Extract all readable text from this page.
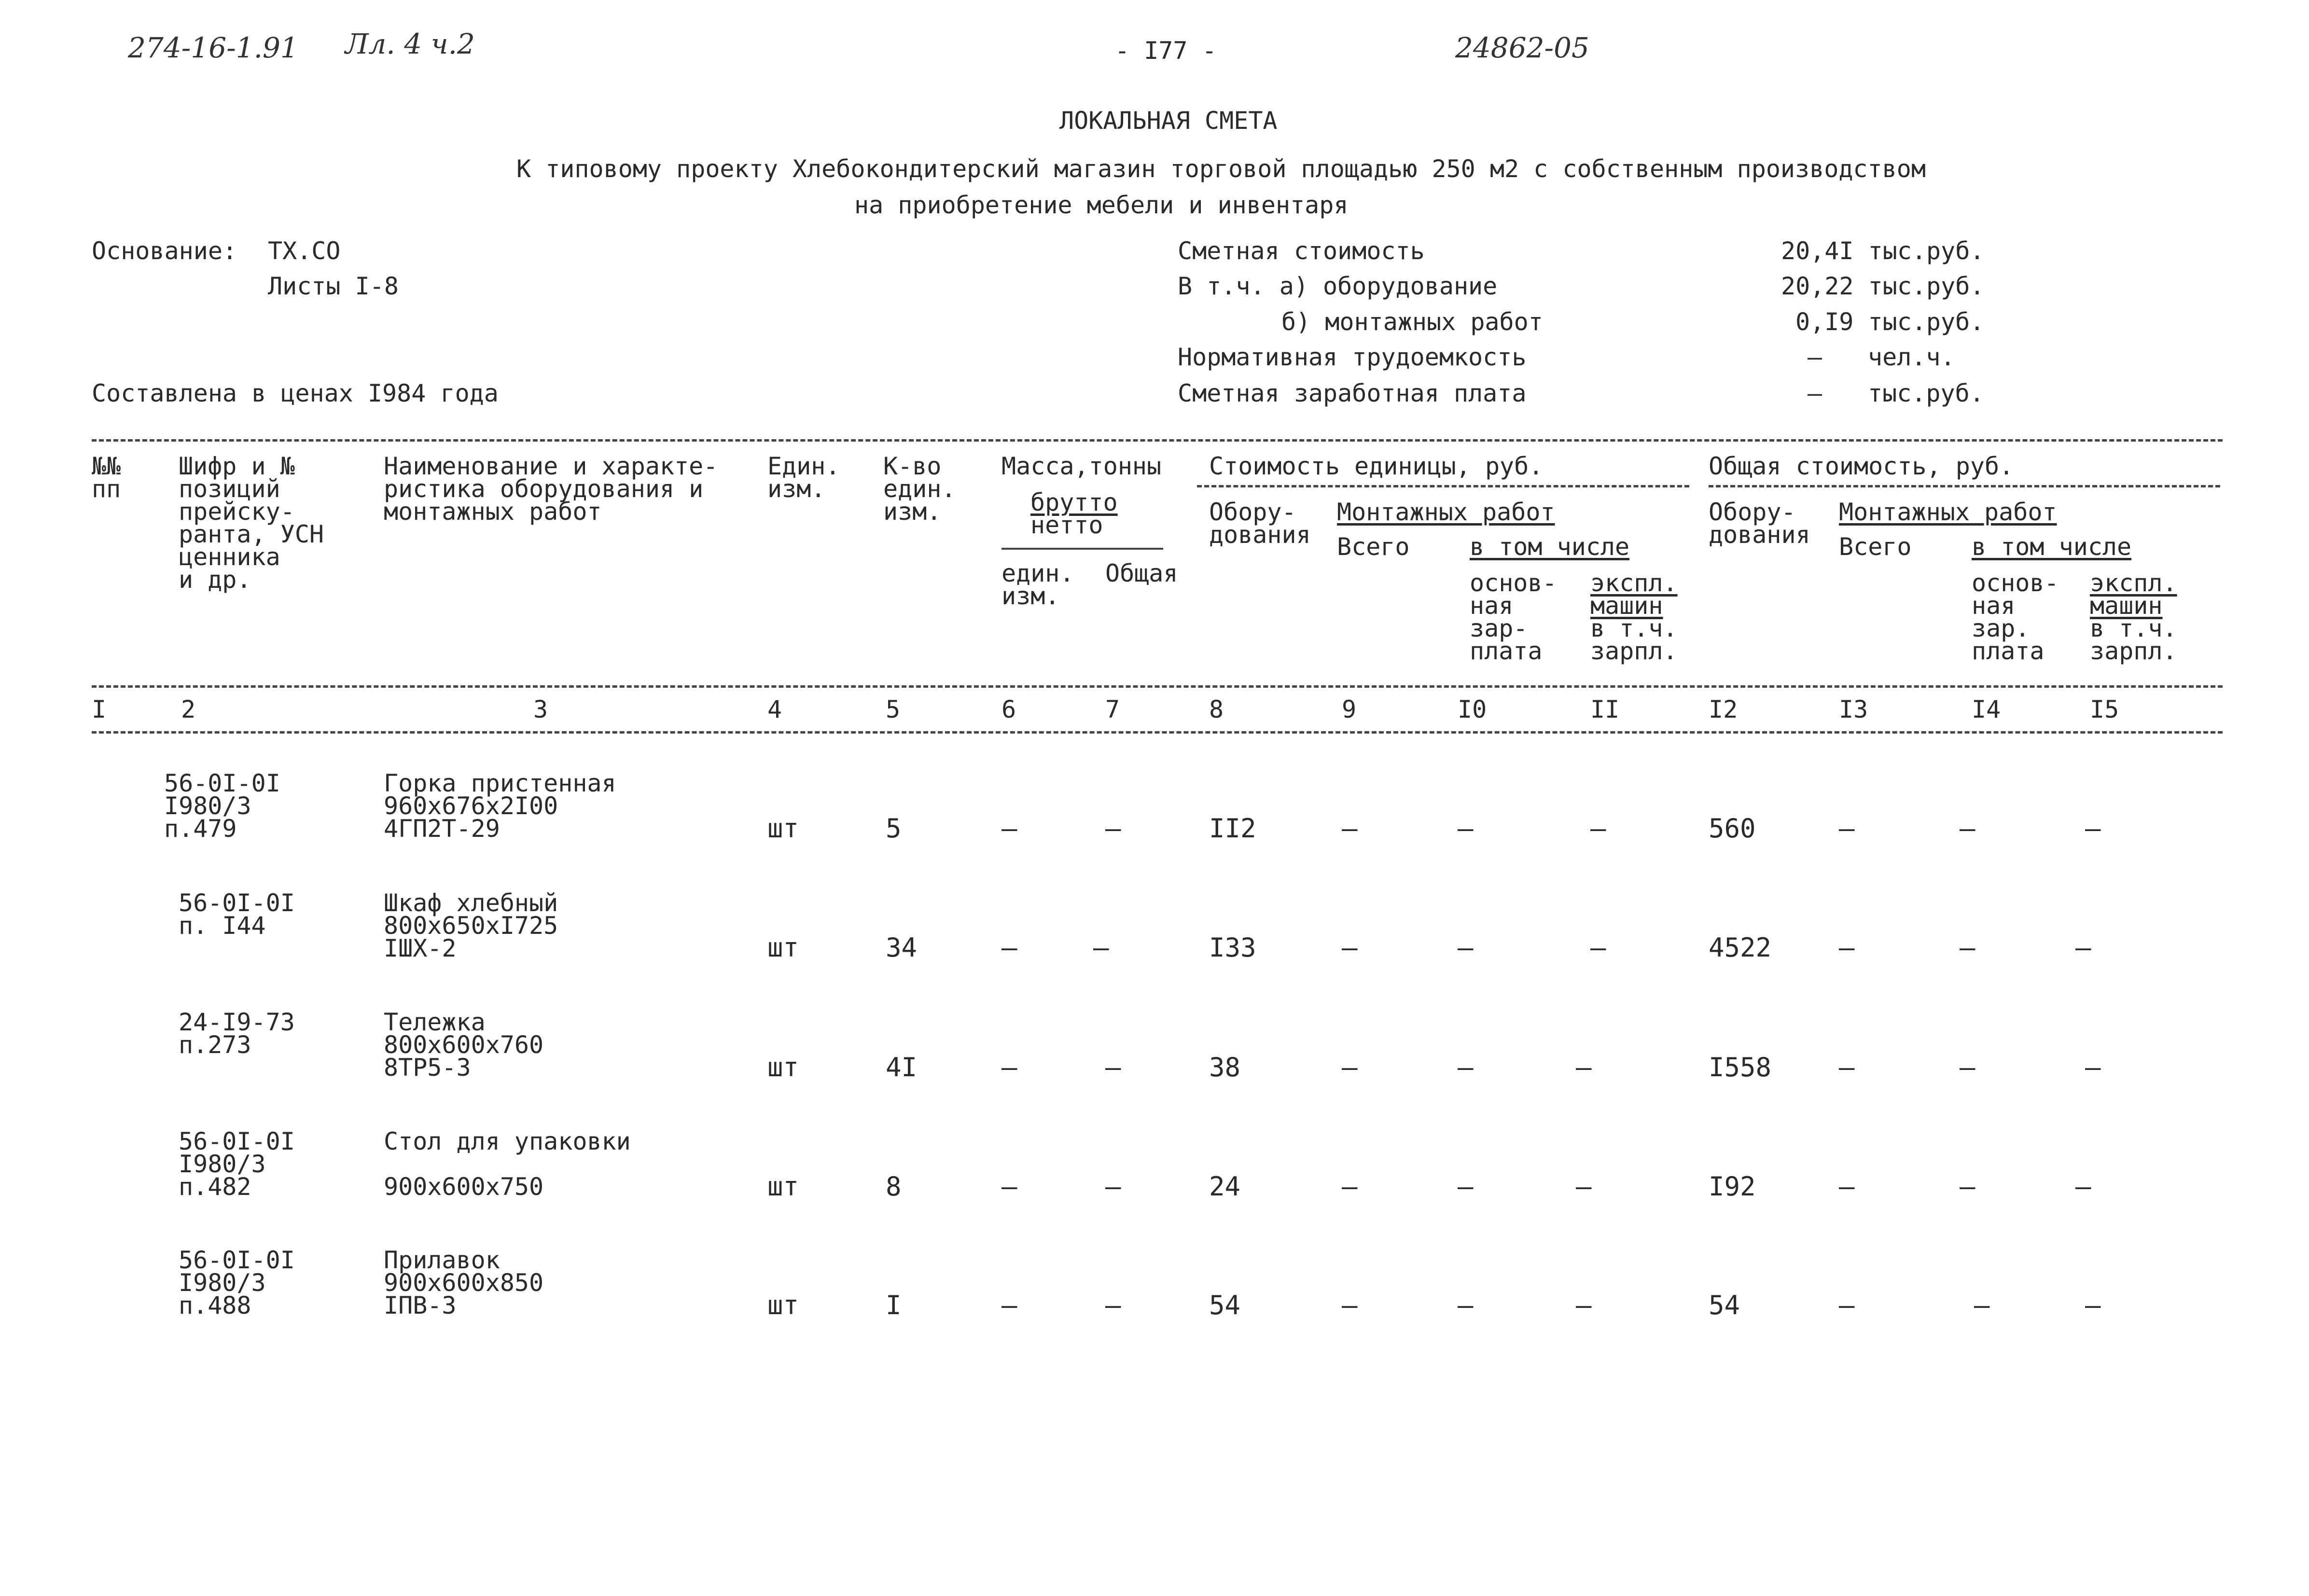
274-16-1.91 Лл. 4 ч.2	24862-05
- I77 -
ЛОКАЛЬНАЯ СМЕТА
К типовому проекту Хлебокондитерский магазин торговой площадью 250 м2 с собственным производством
на приобретение мебели и инвентаря
Основание: ТХ.СО
Листы I-8
Составлена в ценах I984 года
Сметная стоимость	20,4I тыс.руб.
В т.ч. а) оборудование	20,22 тыс.руб.
б) монтажных работ	0,I9 тыс.руб.
Нормативная трудоемкость	– чел.ч.
Сметная заработная плата	– тыс.руб.
№№
пп
Шифр и №
позиций
прейску-
ранта, УСН
ценника
и др.
Наименование и характе-
ристика оборудования и
монтажных работ
Един.
изм.
К-во
един.
изм.
Масса,тонны
брутто
нетто
един.
изм.
Общая
Стоимость единицы, руб.
Обору-
дования
Монтажных работ
Всего в том числе
основ-
ная
зар-
плата
экспл.
машин
в т.ч.
зарпл.
Общая стоимость, руб.
Обору-
дования
Монтажных работ
Всего в том числе
основ-
ная
зар.
плата
экспл.
машин
в т.ч.
зарпл.
I	2	3	4	5	6	7	8	9	I0	II	I2	I3	I4	I5
56-0I-0I
I980/3
п.479
Горка пристенная
960х676х2I00
4ГП2Т-29	шт	5	–	–	II2	–	–	–	560	–	–	–
56-0I-0I
п. I44
Шкаф хлебный
800х650хI725
IШХ-2	шт	34	–	–	I33	–	–	–	4522	–	–	–
24-I9-73
п.273
Тележка
800х600х760
8ТР5-3	шт	4I	–	–	38	–	–	–	I558	–	–	–
56-0I-0I
I980/3
п.482
Стол для упаковки

900х600х750	шт	8	–	–	24	–	–	–	I92	–	–	–
56-0I-0I
I980/3
п.488
Прилавок
900х600х850
IПВ-3	шт	I	–	–	54	–	–	–	54	–	–	–
